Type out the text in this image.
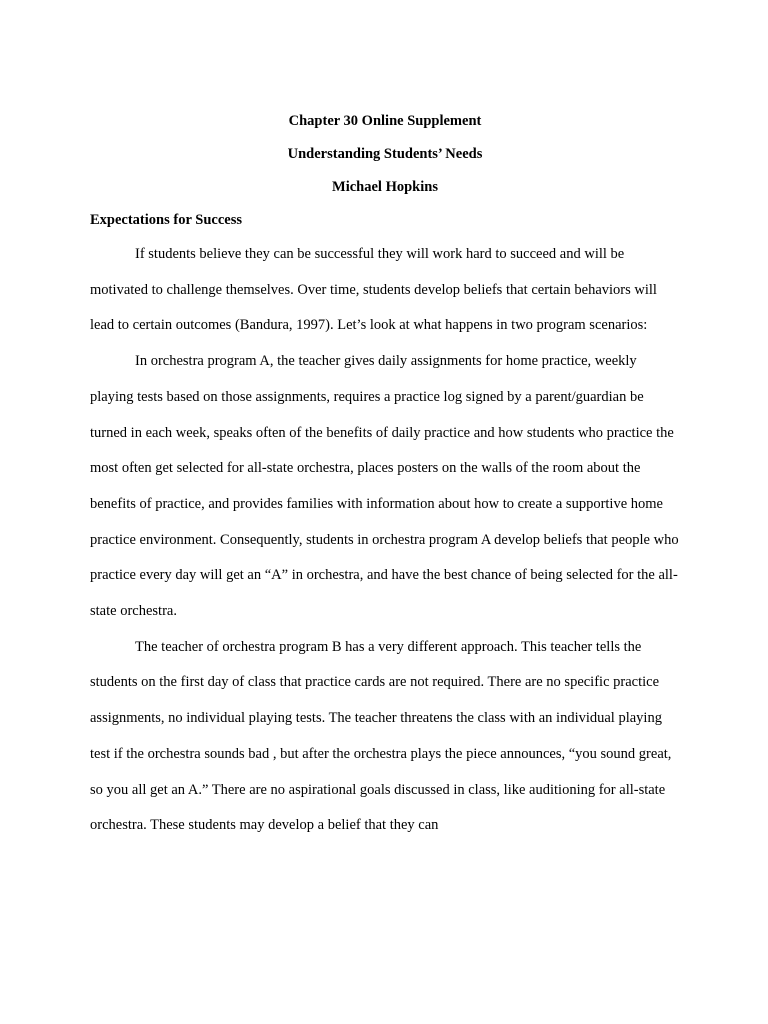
Chapter 30 Online Supplement

Understanding Students’ Needs

Michael Hopkins

Expectations for Success

If students believe they can be successful they will work hard to succeed and will be motivated to challenge themselves. Over time, students develop beliefs that certain behaviors will lead to certain outcomes (Bandura, 1997). Let’s look at what happens in two program scenarios:

In orchestra program A, the teacher gives daily assignments for home practice, weekly playing tests based on those assignments, requires a practice log signed by a parent/guardian be turned in each week, speaks often of the benefits of daily practice and how students who practice the most often get selected for all-state orchestra, places posters on the walls of the room about the benefits of practice, and provides families with information about how to create a supportive home practice environment. Consequently, students in orchestra program A develop beliefs that people who practice every day will get an “A” in orchestra, and have the best chance of being selected for the all-state orchestra.

The teacher of orchestra program B has a very different approach. This teacher tells the students on the first day of class that practice cards are not required. There are no specific practice assignments, no individual playing tests. The teacher threatens the class with an individual playing test if the orchestra sounds bad , but after the orchestra plays the piece announces, “you sound great, so you all get an A.” There are no aspirational goals discussed in class, like auditioning for all-state orchestra. These students may develop a belief that they can
